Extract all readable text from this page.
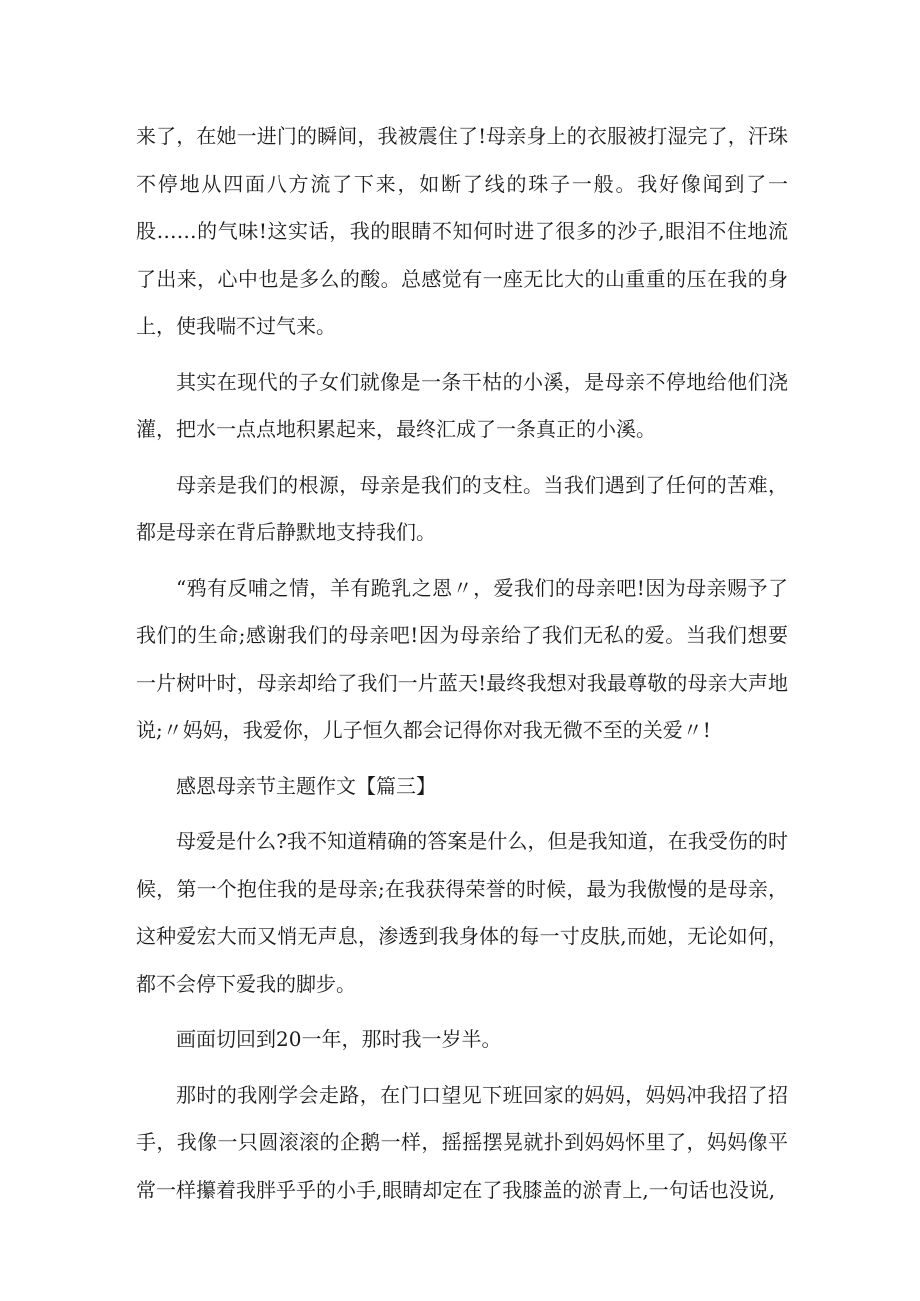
来了，在她一进门的瞬间，我被震住了!母亲身上的衣服被打湿完了，汗珠不停地从四面八方流了下来，如断了线的珠子一般。我好像闻到了一股……的气味!这实话，我的眼睛不知何时进了很多的沙子,眼泪不住地流了出来，心中也是多么的酸。总感觉有一座无比大的山重重的压在我的身上，使我喘不过气来。

其实在现代的子女们就像是一条干枯的小溪，是母亲不停地给他们浇灌，把水一点点地积累起来，最终汇成了一条真正的小溪。

母亲是我们的根源，母亲是我们的支柱。当我们遇到了任何的苦难，都是母亲在背后静默地支持我们。

“鸦有反哺之情，羊有跪乳之恩〃，爱我们的母亲吧!因为母亲赐予了我们的生命;感谢我们的母亲吧!因为母亲给了我们无私的爱。当我们想要一片树叶时，母亲却给了我们一片蓝天!最终我想对我最尊敬的母亲大声地说;〃妈妈，我爱你，儿子恒久都会记得你对我无微不至的关爱〃!

感恩母亲节主题作文【篇三】

母爱是什么?我不知道精确的答案是什么，但是我知道，在我受伤的时候，第一个抱住我的是母亲;在我获得荣誉的时候，最为我傲慢的是母亲，这种爱宏大而又悄无声息，渗透到我身体的每一寸皮肤,而她，无论如何，都不会停下爱我的脚步。

画面切回到20一年，那时我一岁半。

那时的我刚学会走路，在门口望见下班回家的妈妈，妈妈冲我招了招手，我像一只圆滚滚的企鹅一样，摇摇摆晃就扑到妈妈怀里了，妈妈像平常一样攥着我胖乎乎的小手,眼睛却定在了我膝盖的淤青上,一句话也没说,
